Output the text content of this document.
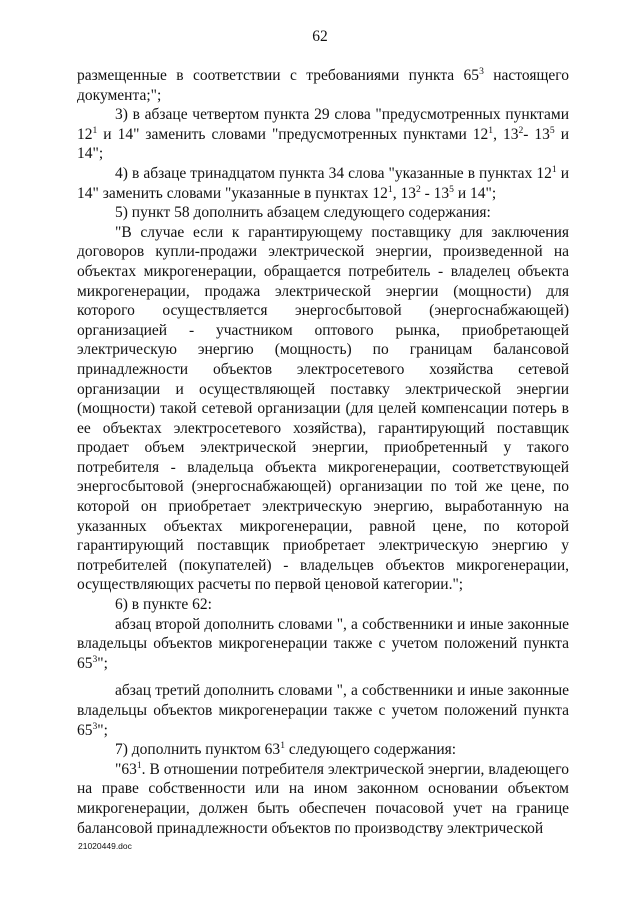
62

размещенные в соответствии с требованиями пункта $65^3$ настоящего документа;";

3) в абзаце четвертом пункта 29 слова "предусмотренных пунктами $12^1$ и 14" заменить словами "предусмотренных пунктами $12^1$, $13^2-$ $13^5$ и 14";

4) в абзаце тринадцатом пункта 34 слова "указанные в пунктах $12^1$ и 14" заменить словами "указанные в пунктах $12^1$, $13^2 - 13^5$ и 14";

5) пункт 58 дополнить абзацем следующего содержания:

"В случае если к гарантирующему поставщику для заключения договоров купли-продажи электрической энергии, произведенной на объектах микрогенерации, обращается потребитель - владелец объекта микрогенерации, продажа электрической энергии (мощности) для которого осуществляется энергосбытовой (энергоснабжающей) организацией - участником оптового рынка, приобретающей электрическую энергию (мощность) по границам балансовой принадлежности объектов электросетевого хозяйства сетевой организации и осуществляющей поставку электрической энергии (мощности) такой сетевой организации (для целей компенсации потерь в ее объектах электросетевого хозяйства), гарантирующий поставщик продает объем электрической энергии, приобретенный у такого потребителя - владельца объекта микрогенерации, соответствующей энергосбытовой (энергоснабжающей) организации по той же цене, по которой он приобретает электрическую энергию, выработанную на указанных объектах микрогенерации, равной цене, по которой гарантирующий поставщик приобретает электрическую энергию у потребителей (покупателей) - владельцев объектов микрогенерации, осуществляющих расчеты по первой ценовой категории.";

6) в пункте 62:

абзац второй дополнить словами ", а собственники и иные законные владельцы объектов микрогенерации также с учетом положений пункта $65^3$";

абзац третий дополнить словами ", а собственники и иные законные владельцы объектов микрогенерации также с учетом положений пункта $65^3$";

7) дополнить пунктом $63^1$ следующего содержания:

"$63^1$. В отношении потребителя электрической энергии, владеющего на праве собственности или на ином законном основании объектом микрогенерации, должен быть обеспечен почасовой учет на границе балансовой принадлежности объектов по производству электрической

21020449.doc
